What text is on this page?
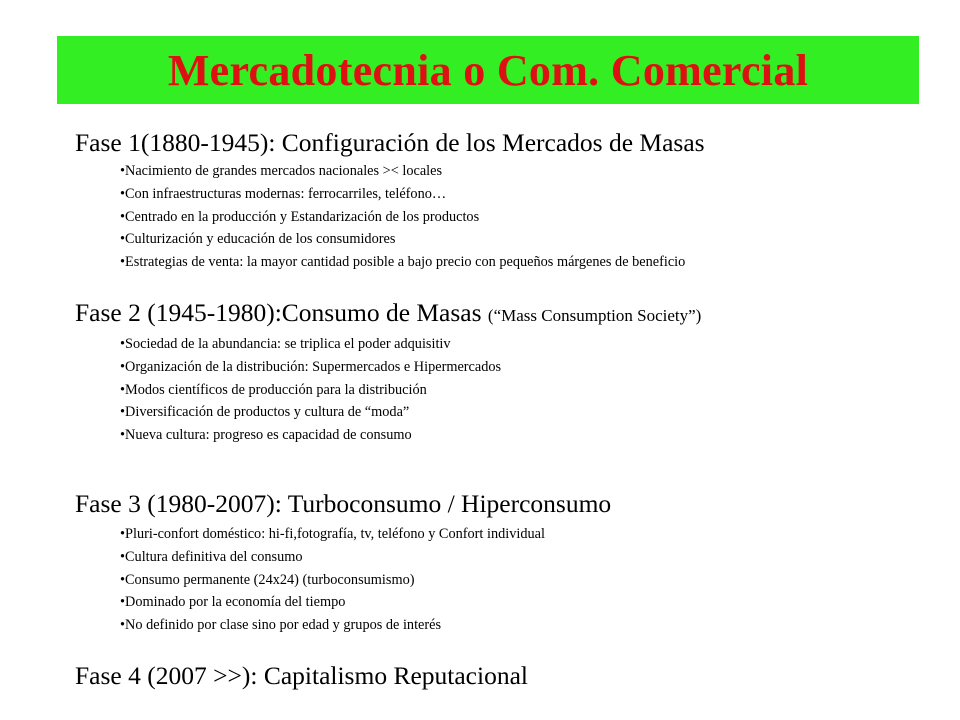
Mercadotecnia o Com. Comercial
Fase 1(1880-1945): Configuración de los Mercados de Masas
• Nacimiento de grandes mercados nacionales >< locales
• Con infraestructuras modernas: ferrocarriles, teléfono…
• Centrado en la producción y Estandarización de los productos
• Culturización y educación de los consumidores
• Estrategias de venta: la mayor cantidad posible a bajo precio con pequeños márgenes de beneficio
Fase 2 (1945-1980):Consumo de Masas (“Mass Consumption Society”)
• Sociedad de la abundancia: se triplica el poder adquisitiv
• Organización de la distribución: Supermercados e Hipermercados
• Modos científicos de producción para la distribución
• Diversificación de productos y cultura de “moda”
• Nueva cultura: progreso es capacidad de consumo
Fase 3 (1980-2007): Turboconsumo / Hiperconsumo
• Pluri-confort doméstico: hi-fi,fotografía, tv, teléfono y Confort individual
• Cultura definitiva del consumo
• Consumo permanente (24x24) (turboconsumismo)
• Dominado por la economía del tiempo
• No definido por clase sino por edad y grupos de interés
Fase 4 (2007 >>): Capitalismo Reputacional
